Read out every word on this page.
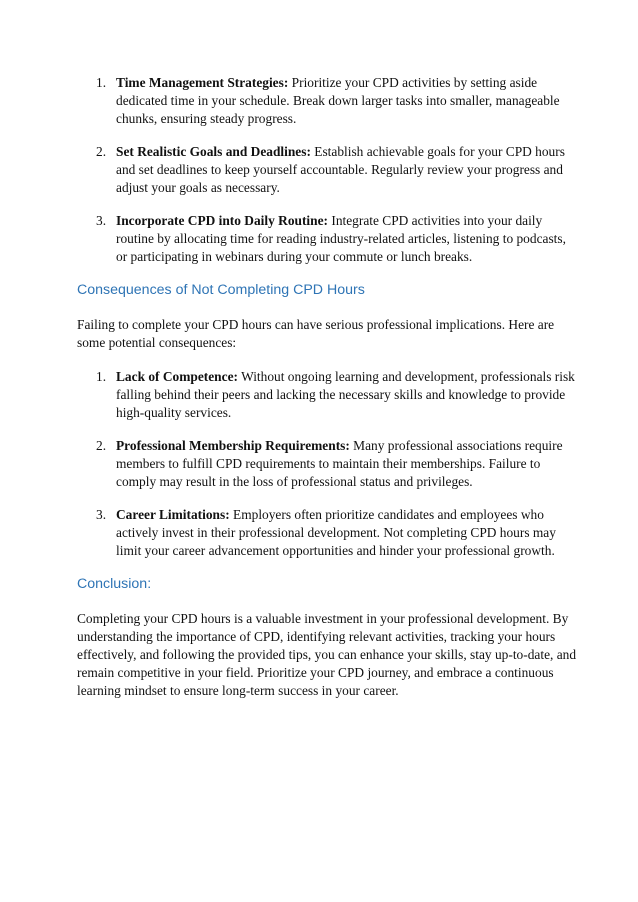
1. Time Management Strategies: Prioritize your CPD activities by setting aside dedicated time in your schedule. Break down larger tasks into smaller, manageable chunks, ensuring steady progress.
2. Set Realistic Goals and Deadlines: Establish achievable goals for your CPD hours and set deadlines to keep yourself accountable. Regularly review your progress and adjust your goals as necessary.
3. Incorporate CPD into Daily Routine: Integrate CPD activities into your daily routine by allocating time for reading industry-related articles, listening to podcasts, or participating in webinars during your commute or lunch breaks.
Consequences of Not Completing CPD Hours

Failing to complete your CPD hours can have serious professional implications. Here are some potential consequences:

1. Lack of Competence: Without ongoing learning and development, professionals risk falling behind their peers and lacking the necessary skills and knowledge to provide high-quality services.
2. Professional Membership Requirements: Many professional associations require members to fulfill CPD requirements to maintain their memberships. Failure to comply may result in the loss of professional status and privileges.
3. Career Limitations: Employers often prioritize candidates and employees who actively invest in their professional development. Not completing CPD hours may limit your career advancement opportunities and hinder your professional growth.
Conclusion:

Completing your CPD hours is a valuable investment in your professional development. By understanding the importance of CPD, identifying relevant activities, tracking your hours effectively, and following the provided tips, you can enhance your skills, stay up-to-date, and remain competitive in your field. Prioritize your CPD journey, and embrace a continuous learning mindset to ensure long-term success in your career.
